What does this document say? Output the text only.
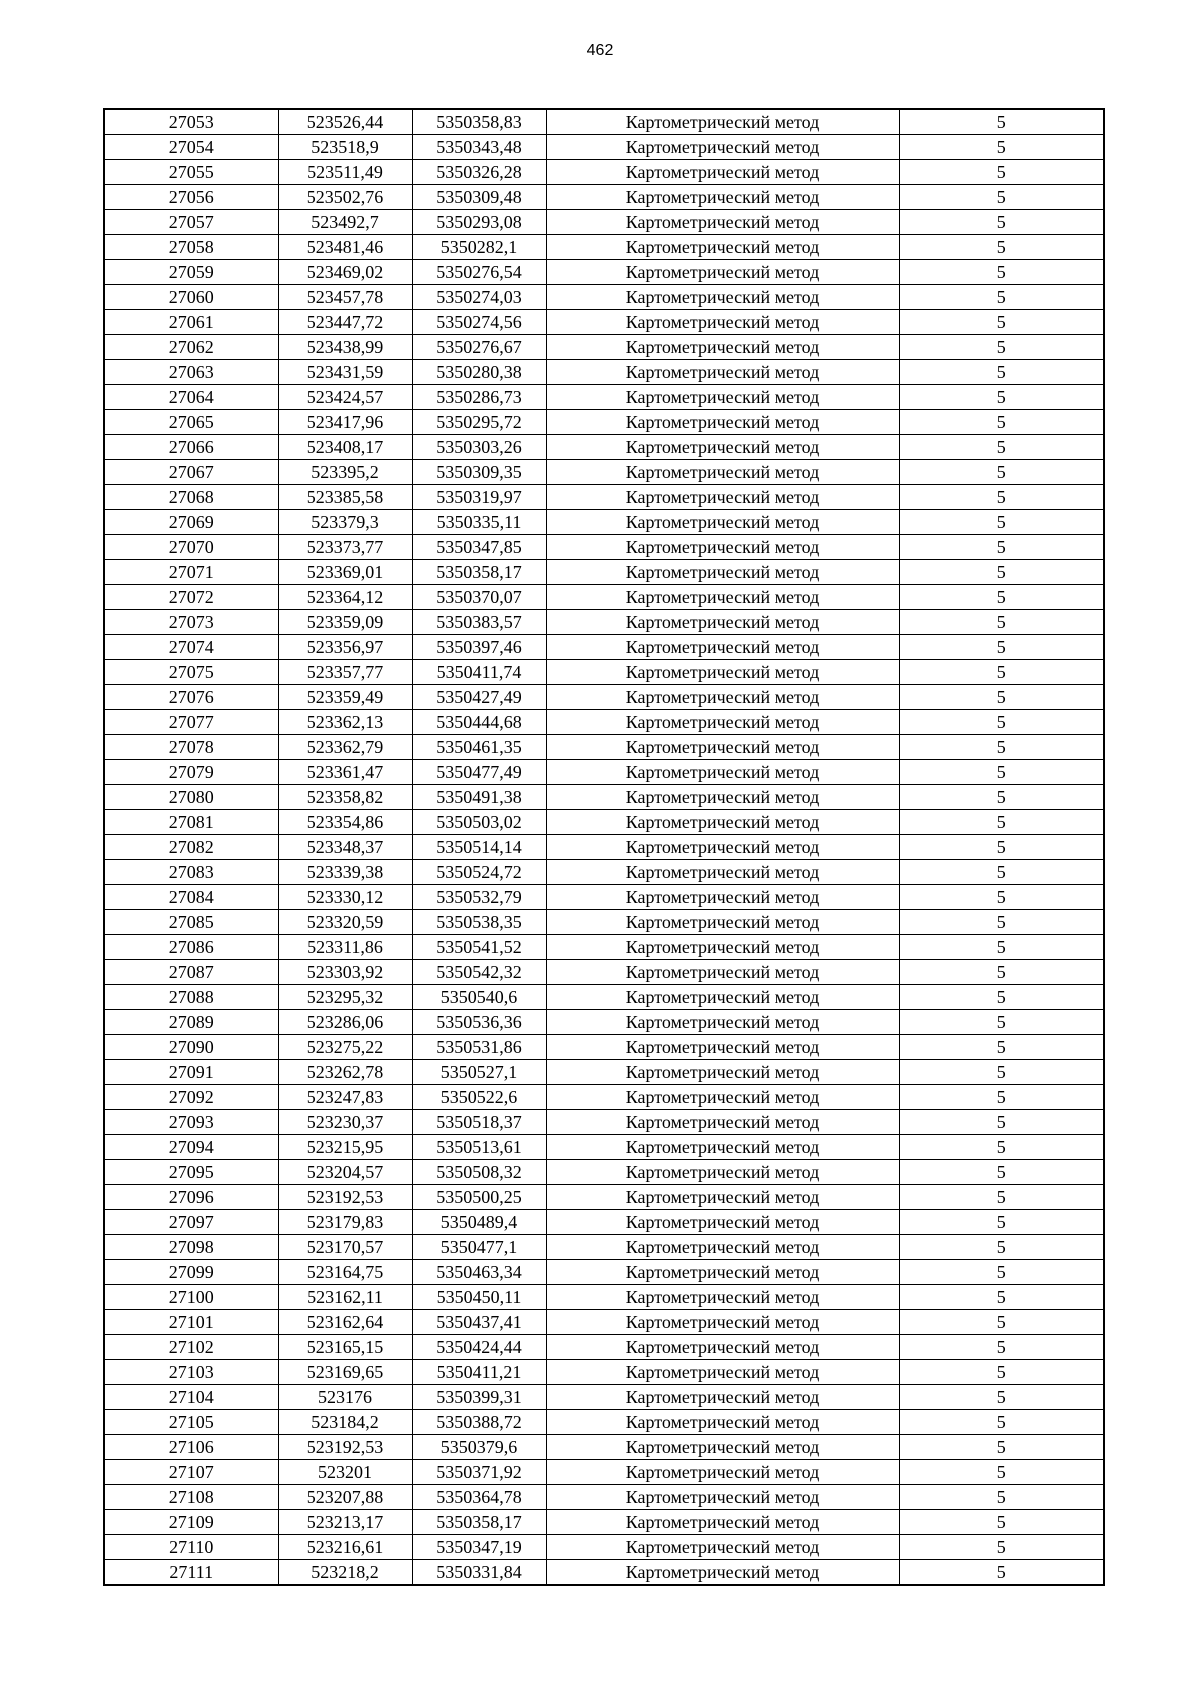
462
27053	523526,44	5350358,83	Картометрический метод	5
27054	523518,9	5350343,48	Картометрический метод	5
27055	523511,49	5350326,28	Картометрический метод	5
27056	523502,76	5350309,48	Картометрический метод	5
27057	523492,7	5350293,08	Картометрический метод	5
27058	523481,46	5350282,1	Картометрический метод	5
27059	523469,02	5350276,54	Картометрический метод	5
27060	523457,78	5350274,03	Картометрический метод	5
27061	523447,72	5350274,56	Картометрический метод	5
27062	523438,99	5350276,67	Картометрический метод	5
27063	523431,59	5350280,38	Картометрический метод	5
27064	523424,57	5350286,73	Картометрический метод	5
27065	523417,96	5350295,72	Картометрический метод	5
27066	523408,17	5350303,26	Картометрический метод	5
27067	523395,2	5350309,35	Картометрический метод	5
27068	523385,58	5350319,97	Картометрический метод	5
27069	523379,3	5350335,11	Картометрический метод	5
27070	523373,77	5350347,85	Картометрический метод	5
27071	523369,01	5350358,17	Картометрический метод	5
27072	523364,12	5350370,07	Картометрический метод	5
27073	523359,09	5350383,57	Картометрический метод	5
27074	523356,97	5350397,46	Картометрический метод	5
27075	523357,77	5350411,74	Картометрический метод	5
27076	523359,49	5350427,49	Картометрический метод	5
27077	523362,13	5350444,68	Картометрический метод	5
27078	523362,79	5350461,35	Картометрический метод	5
27079	523361,47	5350477,49	Картометрический метод	5
27080	523358,82	5350491,38	Картометрический метод	5
27081	523354,86	5350503,02	Картометрический метод	5
27082	523348,37	5350514,14	Картометрический метод	5
27083	523339,38	5350524,72	Картометрический метод	5
27084	523330,12	5350532,79	Картометрический метод	5
27085	523320,59	5350538,35	Картометрический метод	5
27086	523311,86	5350541,52	Картометрический метод	5
27087	523303,92	5350542,32	Картометрический метод	5
27088	523295,32	5350540,6	Картометрический метод	5
27089	523286,06	5350536,36	Картометрический метод	5
27090	523275,22	5350531,86	Картометрический метод	5
27091	523262,78	5350527,1	Картометрический метод	5
27092	523247,83	5350522,6	Картометрический метод	5
27093	523230,37	5350518,37	Картометрический метод	5
27094	523215,95	5350513,61	Картометрический метод	5
27095	523204,57	5350508,32	Картометрический метод	5
27096	523192,53	5350500,25	Картометрический метод	5
27097	523179,83	5350489,4	Картометрический метод	5
27098	523170,57	5350477,1	Картометрический метод	5
27099	523164,75	5350463,34	Картометрический метод	5
27100	523162,11	5350450,11	Картометрический метод	5
27101	523162,64	5350437,41	Картометрический метод	5
27102	523165,15	5350424,44	Картометрический метод	5
27103	523169,65	5350411,21	Картометрический метод	5
27104	523176	5350399,31	Картометрический метод	5
27105	523184,2	5350388,72	Картометрический метод	5
27106	523192,53	5350379,6	Картометрический метод	5
27107	523201	5350371,92	Картометрический метод	5
27108	523207,88	5350364,78	Картометрический метод	5
27109	523213,17	5350358,17	Картометрический метод	5
27110	523216,61	5350347,19	Картометрический метод	5
27111	523218,2	5350331,84	Картометрический метод	5
